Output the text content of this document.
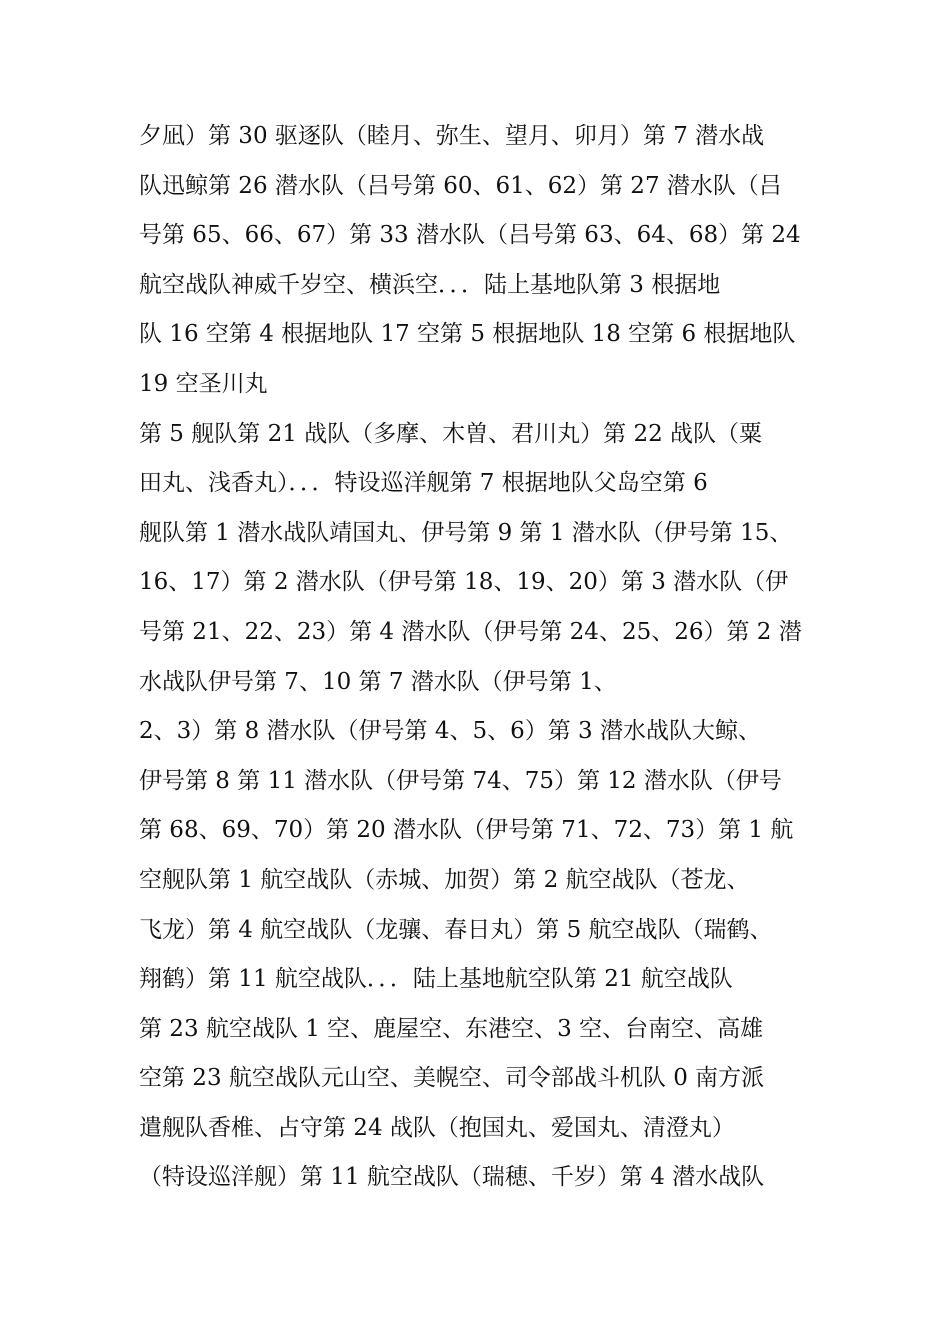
夕凪）第 30 驱逐队（睦月、弥生、望月、卯月）第 7 潜水战
队迅鲸第 26 潜水队（吕号第 60、61、62）第 27 潜水队（吕
号第 65、66、67）第 33 潜水队（吕号第 63、64、68）第 24
航空战队神威千岁空、横浜空．．．陆上基地队第 3 根据地
队 16 空第 4 根据地队 17 空第 5 根据地队 18 空第 6 根据地队
19 空圣川丸
第 5 舰队第 21 战队（多摩、木曽、君川丸）第 22 战队（粟
田丸、浅香丸）．．．特设巡洋舰第 7 根据地队父岛空第 6
舰队第 1 潜水战队靖国丸、伊号第 9 第 1 潜水队（伊号第 15、
16、17）第 2 潜水队（伊号第 18、19、20）第 3 潜水队（伊
号第 21、22、23）第 4 潜水队（伊号第 24、25、26）第 2 潜
水战队伊号第 7、10 第 7 潜水队（伊号第 1、
2、3）第 8 潜水队（伊号第 4、5、6）第 3 潜水战队大鲸、
伊号第 8 第 11 潜水队（伊号第 74、75）第 12 潜水队（伊号
第 68、69、70）第 20 潜水队（伊号第 71、72、73）第 1 航
空舰队第 1 航空战队（赤城、加贺）第 2 航空战队（苍龙、
飞龙）第 4 航空战队（龙骧、春日丸）第 5 航空战队（瑞鹤、
翔鹤）第 11 航空战队．．．陆上基地航空队第 21 航空战队
第 23 航空战队 1 空、鹿屋空、东港空、3 空、台南空、高雄
空第 23 航空战队元山空、美幌空、司令部战斗机队 0 南方派
遣舰队香椎、占守第 24 战队（抱国丸、爱国丸、清澄丸）
（特设巡洋舰）第 11 航空战队（瑞穂、千岁）第 4 潜水战队
